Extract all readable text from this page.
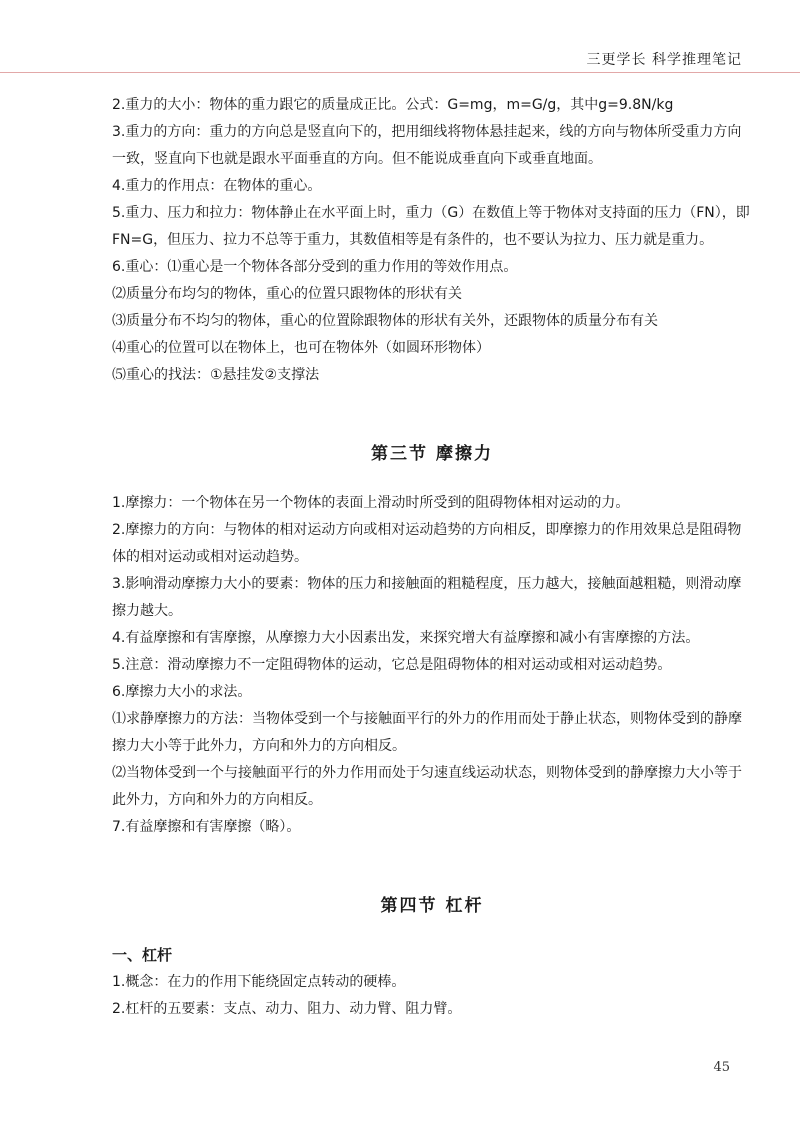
三更学长 科学推理笔记

2.重力的大小：物体的重力跟它的质量成正比。公式：G=mg，m=G/g，其中g=9.8N/kg

3.重力的方向：重力的方向总是竖直向下的，把用细线将物体悬挂起来，线的方向与物体所受重力方向一致，竖直向下也就是跟水平面垂直的方向。但不能说成垂直向下或垂直地面。

4.重力的作用点：在物体的重心。

5.重力、压力和拉力：物体静止在水平面上时，重力（G）在数值上等于物体对支持面的压力（FN），即FN=G，但压力、拉力不总等于重力，其数值相等是有条件的，也不要认为拉力、压力就是重力。

6.重心：⑴重心是一个物体各部分受到的重力作用的等效作用点。

⑵质量分布均匀的物体，重心的位置只跟物体的形状有关

⑶质量分布不均匀的物体，重心的位置除跟物体的形状有关外，还跟物体的质量分布有关

⑷重心的位置可以在物体上，也可在物体外（如圆环形物体）

⑸重心的找法：①悬挂发②支撑法

第三节 摩擦力

1.摩擦力：一个物体在另一个物体的表面上滑动时所受到的阻碍物体相对运动的力。

2.摩擦力的方向：与物体的相对运动方向或相对运动趋势的方向相反，即摩擦力的作用效果总是阻碍物体的相对运动或相对运动趋势。

3.影响滑动摩擦力大小的要素：物体的压力和接触面的粗糙程度，压力越大，接触面越粗糙，则滑动摩擦力越大。

4.有益摩擦和有害摩擦，从摩擦力大小因素出发，来探究增大有益摩擦和减小有害摩擦的方法。

5.注意：滑动摩擦力不一定阻碍物体的运动，它总是阻碍物体的相对运动或相对运动趋势。

6.摩擦力大小的求法。

⑴求静摩擦力的方法：当物体受到一个与接触面平行的外力的作用而处于静止状态，则物体受到的静摩擦力大小等于此外力，方向和外力的方向相反。

⑵当物体受到一个与接触面平行的外力作用而处于匀速直线运动状态，则物体受到的静摩擦力大小等于此外力，方向和外力的方向相反。

7.有益摩擦和有害摩擦（略）。

第四节 杠杆

一、杠杆

1.概念：在力的作用下能绕固定点转动的硬棒。

2.杠杆的五要素：支点、动力、阻力、动力臂、阻力臂。

45
